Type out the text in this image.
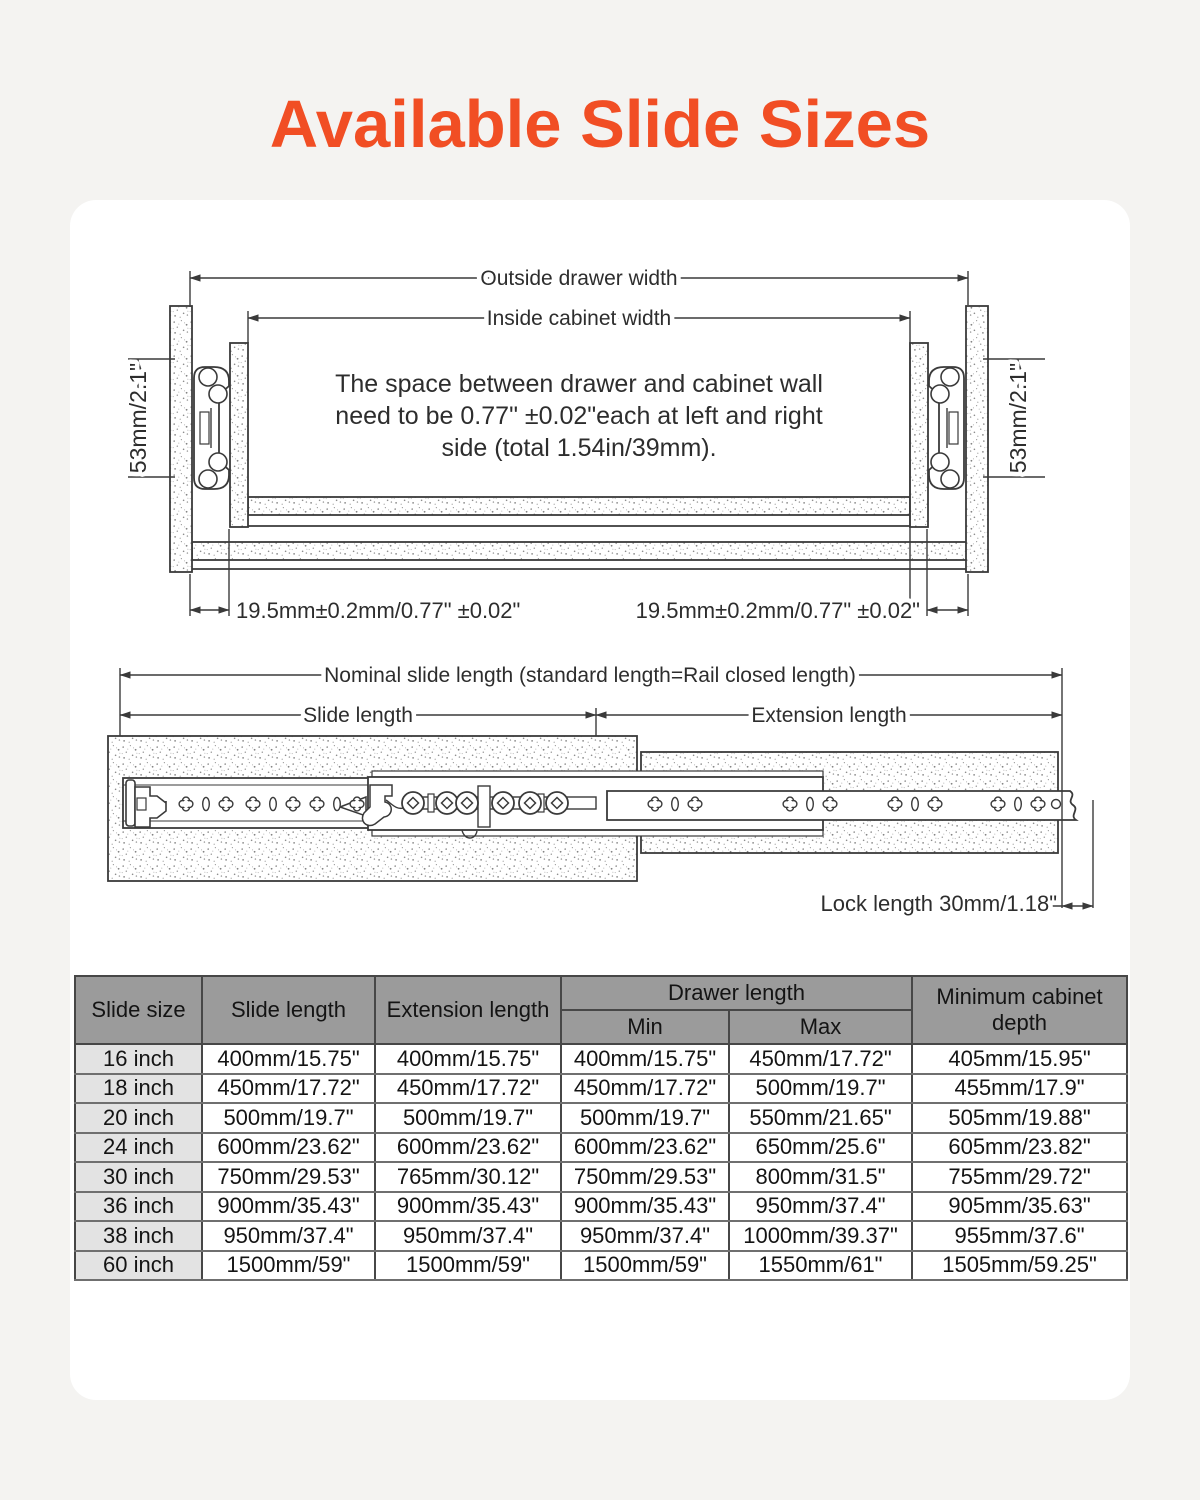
Available Slide Sizes
Outside drawer width
Inside cabinet width
The space between drawer and cabinet wall
need to be 0.77" ±0.02"each at left and right
side (total 1.54in/39mm).
53mm/2.1"	53mm/2.1"
19.5mm±0.2mm/0.77" ±0.02"	19.5mm±0.2mm/0.77" ±0.02"
Nominal slide length (standard length=Rail closed length)
Slide length	Extension length
Lock length 30mm/1.18"
Slide size	Slide length	Extension length	Drawer length		Minimum cabinet depth
			Min	Max	
16 inch	400mm/15.75"	400mm/15.75"	400mm/15.75"	450mm/17.72"	405mm/15.95"
18 inch	450mm/17.72"	450mm/17.72"	450mm/17.72"	500mm/19.7"	455mm/17.9"
20 inch	500mm/19.7"	500mm/19.7"	500mm/19.7"	550mm/21.65"	505mm/19.88"
24 inch	600mm/23.62"	600mm/23.62"	600mm/23.62"	650mm/25.6"	605mm/23.82"
30 inch	750mm/29.53"	765mm/30.12"	750mm/29.53"	800mm/31.5"	755mm/29.72"
36 inch	900mm/35.43"	900mm/35.43"	900mm/35.43"	950mm/37.4"	905mm/35.63"
38 inch	950mm/37.4"	950mm/37.4"	950mm/37.4"	1000mm/39.37"	955mm/37.6"
60 inch	1500mm/59"	1500mm/59"	1500mm/59"	1550mm/61"	1505mm/59.25"
